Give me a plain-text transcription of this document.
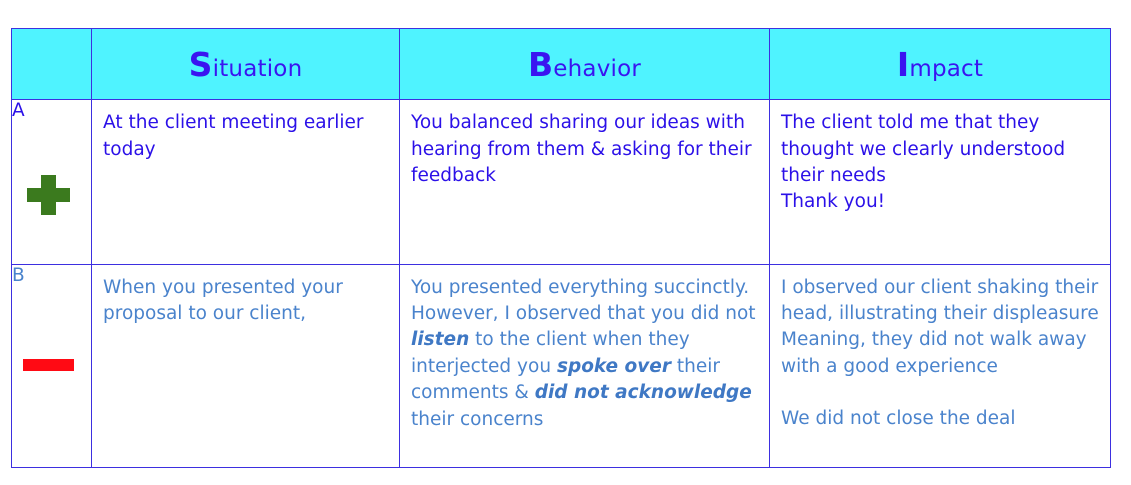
	Situation	Behavior	Impact
A	At the client meeting earlier today	You balanced sharing our ideas with hearing from them & asking for their feedback	The client told me that they thought we clearly understood their needs
Thank you!

B	When you presented your proposal to our client,	You presented everything succinctly. However, I observed that you did not listen to the client when they interjected you spoke over their comments & did not acknowledge their concerns	I observed our client shaking their head, illustrating their displeasure
Meaning, they did not walk away with a good experience
We did not close the deal
